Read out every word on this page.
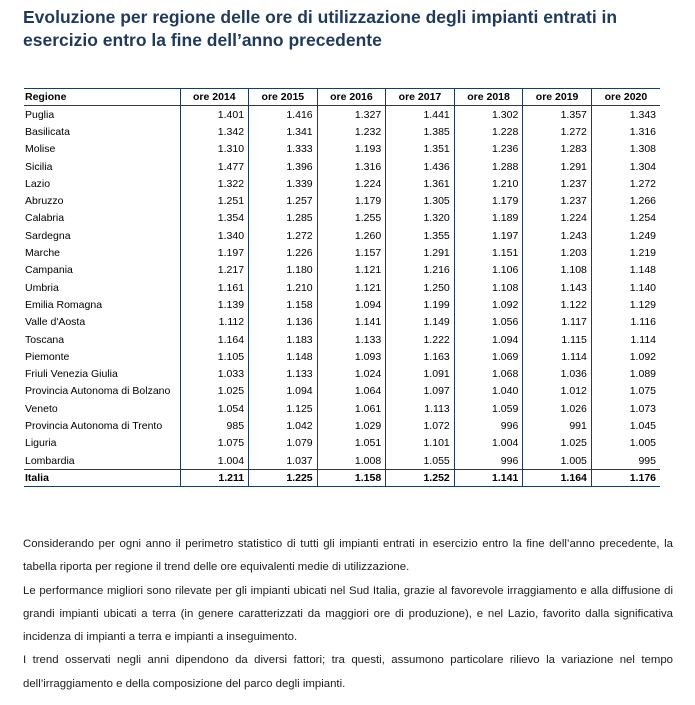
Evoluzione per regione delle ore di utilizzazione degli impianti entrati in esercizio entro la fine dell’anno precedente
Regione	ore 2014	ore 2015	ore 2016	ore 2017	ore 2018	ore 2019	ore 2020
Puglia	1.401	1.416	1.327	1.441	1.302	1.357	1.343
Basilicata	1.342	1.341	1.232	1.385	1.228	1.272	1.316
Molise	1.310	1.333	1.193	1.351	1.236	1.283	1.308
Sicilia	1.477	1.396	1.316	1.436	1.288	1.291	1.304
Lazio	1.322	1.339	1.224	1.361	1.210	1.237	1.272
Abruzzo	1.251	1.257	1.179	1.305	1.179	1.237	1.266
Calabria	1.354	1.285	1.255	1.320	1.189	1.224	1.254
Sardegna	1.340	1.272	1.260	1.355	1.197	1.243	1.249
Marche	1.197	1.226	1.157	1.291	1.151	1.203	1.219
Campania	1.217	1.180	1.121	1.216	1.106	1.108	1.148
Umbria	1.161	1.210	1.121	1.250	1.108	1.143	1.140
Emilia Romagna	1.139	1.158	1.094	1.199	1.092	1.122	1.129
Valle d'Aosta	1.112	1.136	1.141	1.149	1.056	1.117	1.116
Toscana	1.164	1.183	1.133	1.222	1.094	1.115	1.114
Piemonte	1.105	1.148	1.093	1.163	1.069	1.114	1.092
Friuli Venezia Giulia	1.033	1.133	1.024	1.091	1.068	1.036	1.089
Provincia Autonoma di Bolzano	1.025	1.094	1.064	1.097	1.040	1.012	1.075
Veneto	1.054	1.125	1.061	1.113	1.059	1.026	1.073
Provincia Autonoma di Trento	985	1.042	1.029	1.072	996	991	1.045
Liguria	1.075	1.079	1.051	1.101	1.004	1.025	1.005
Lombardia	1.004	1.037	1.008	1.055	996	1.005	995
Italia	1.211	1.225	1.158	1.252	1.141	1.164	1.176

Considerando per ogni anno il perimetro statistico di tutti gli impianti entrati in esercizio entro la fine dell’anno precedente, la tabella riporta per regione il trend delle ore equivalenti medie di utilizzazione.

Le performance migliori sono rilevate per gli impianti ubicati nel Sud Italia, grazie al favorevole irraggiamento e alla diffusione di grandi impianti ubicati a terra (in genere caratterizzati da maggiori ore di produzione), e nel Lazio, favorito dalla significativa incidenza di impianti a terra e impianti a inseguimento.

I trend osservati negli anni dipendono da diversi fattori; tra questi, assumono particolare rilievo la variazione nel tempo dell’irraggiamento e della composizione del parco degli impianti.
